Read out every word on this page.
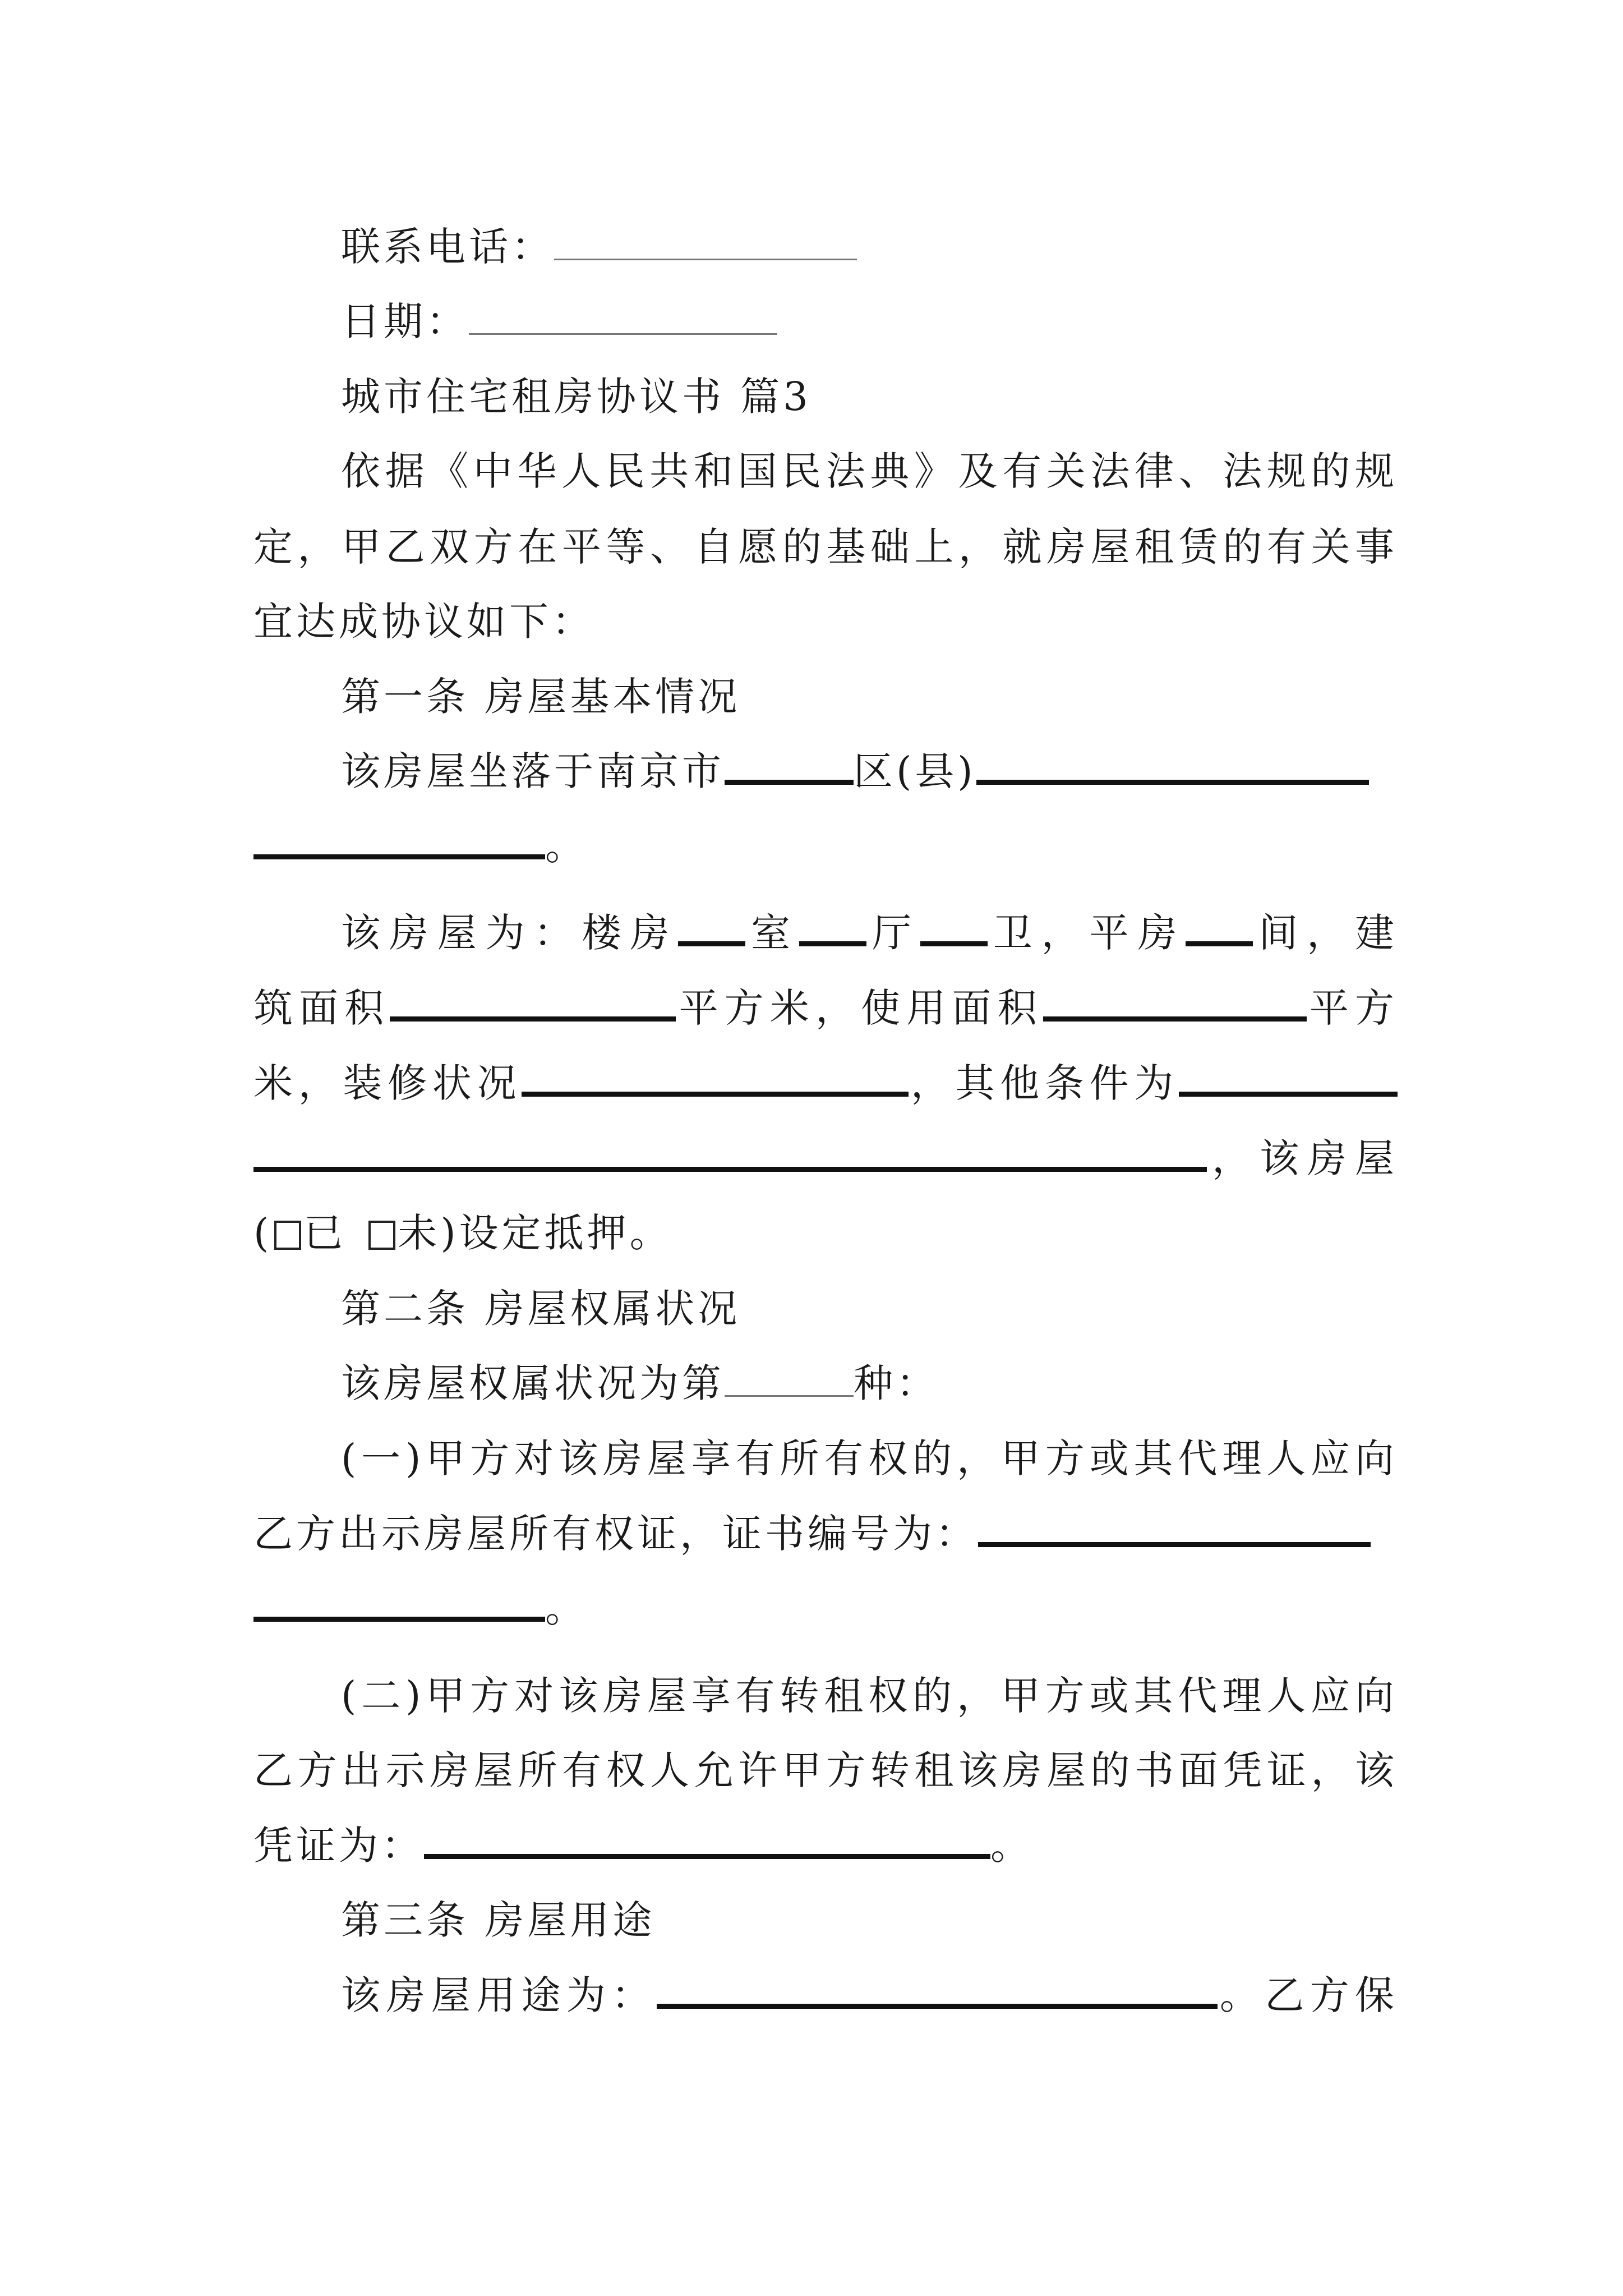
联系电话：
日期：
城市住宅租房协议书 篇3
依据《中华人民共和国民法典》及有关法律、法规的规
定，甲乙双方在平等、自愿的基础上，就房屋租赁的有关事
宜达成协议如下：
第一条 房屋基本情况
该房屋坐落于南京市	区(县)
。
该房屋为：楼房 室 厅 卫，平房 间，建
筑面积	平方米，使用面积	平方
米，装修状况	，其他条件为
，该房屋
( 已 未)设定抵押。
第二条 房屋权属状况
该房屋权属状况为第	种：
(一)甲方对该房屋享有所有权的，甲方或其代理人应向
乙方出示房屋所有权证，证书编号为：
。
(二)甲方对该房屋享有转租权的，甲方或其代理人应向
乙方出示房屋所有权人允许甲方转租该房屋的书面凭证，该
凭证为：	。
第三条 房屋用途
该房屋用途为：	。乙方保
